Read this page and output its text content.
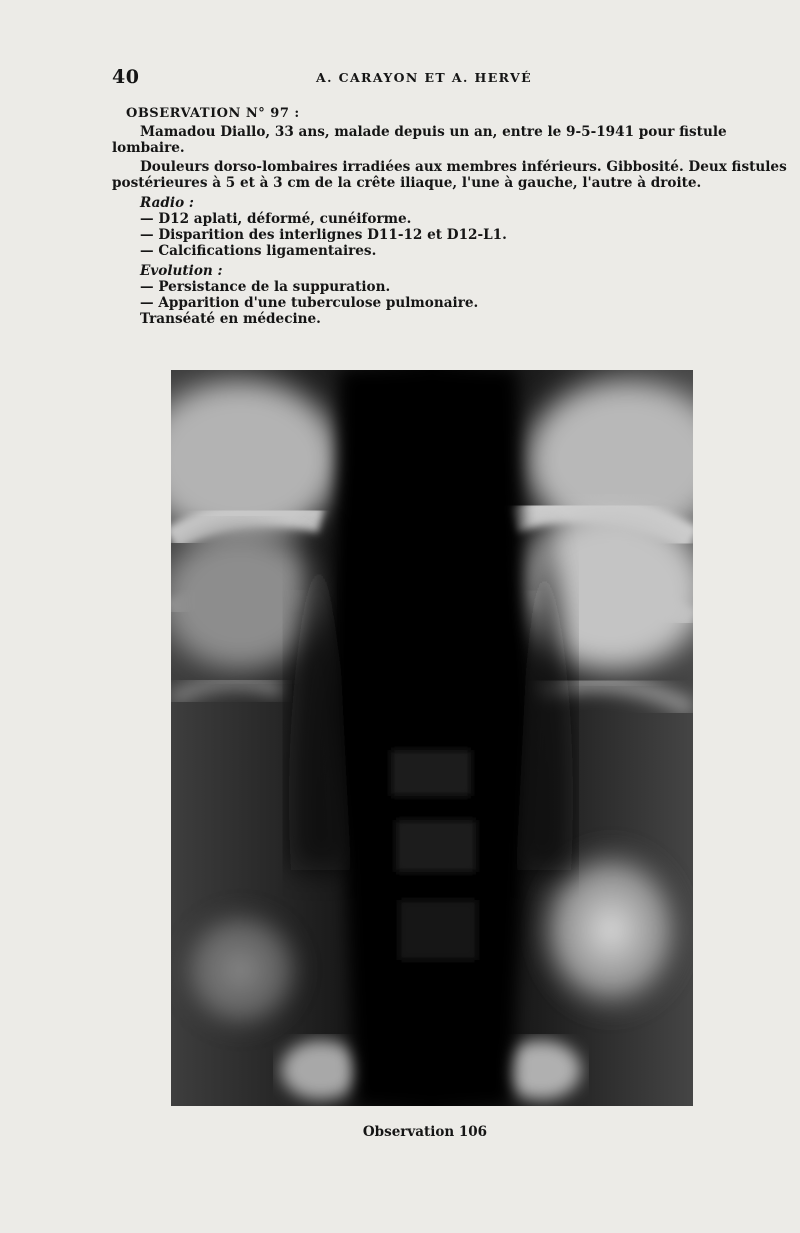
40	A. CARAYON ET A. HERVÉ
OBSERVATION N° 97 :
Mamadou Diallo, 33 ans, malade depuis un an, entre le 9-5-1941 pour fistule
lombaire.
Douleurs dorso-lombaires irradiées aux membres inférieurs. Gibbosité. Deux fistules
postérieures à 5 et à 3 cm de la crête iliaque, l'une à gauche, l'autre à droite.
Radio :
— D12 aplati, déformé, cunéiforme.
— Disparition des interlignes D11-12 et D12-L1.
— Calcifications ligamentaires.
Evolution :
— Persistance de la suppuration.
— Apparition d'une tuberculose pulmonaire.
Transéaté en médecine.
Observation 106
